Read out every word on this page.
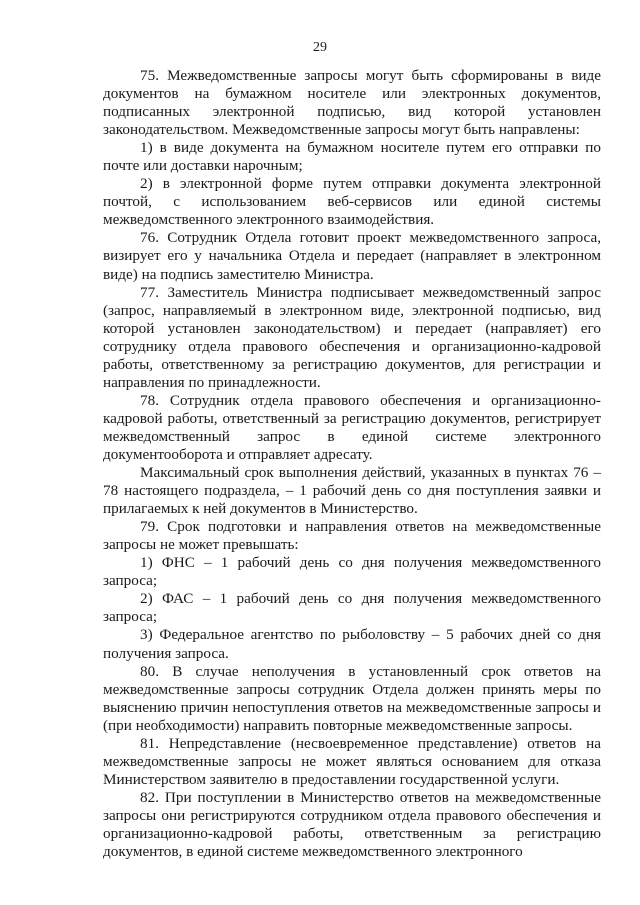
29

75. Межведомственные запросы могут быть сформированы в виде документов на бумажном носителе или электронных документов, подписанных электронной подписью, вид которой установлен законодательством. Межведомственные запросы могут быть направлены:

1) в виде документа на бумажном носителе путем его отправки по почте или доставки нарочным;

2) в электронной форме путем отправки документа электронной почтой, с использованием веб-сервисов или единой системы межведомственного электронного взаимодействия.

76. Сотрудник Отдела готовит проект межведомственного запроса, визирует его у начальника Отдела и передает (направляет в электронном виде) на подпись заместителю Министра.

77. Заместитель Министра подписывает межведомственный запрос (запрос, направляемый в электронном виде, электронной подписью, вид которой установлен законодательством) и передает (направляет) его сотруднику отдела правового обеспечения и организационно-кадровой работы, ответственному за регистрацию документов, для регистрации и направления по принадлежности.

78. Сотрудник отдела правового обеспечения и организационно-кадровой работы, ответственный за регистрацию документов, регистрирует межведомственный запрос в единой системе электронного документооборота и отправляет адресату.

Максимальный срок выполнения действий, указанных в пунктах 76 – 78 настоящего подраздела, – 1 рабочий день со дня поступления заявки и прилагаемых к ней документов в Министерство.

79. Срок подготовки и направления ответов на межведомственные запросы не может превышать:

1) ФНС – 1 рабочий день со дня получения межведомственного запроса;

2) ФАС – 1 рабочий день со дня получения межведомственного запроса;

3) Федеральное агентство по рыболовству – 5 рабочих дней со дня получения запроса.

80. В случае неполучения в установленный срок ответов на межведомственные запросы сотрудник Отдела должен принять меры по выяснению причин непоступления ответов на межведомственные запросы и (при необходимости) направить повторные межведомственные запросы.

81. Непредставление (несвоевременное представление) ответов на межведомственные запросы не может являться основанием для отказа Министерством заявителю в предоставлении государственной услуги.

82. При поступлении в Министерство ответов на межведомственные запросы они регистрируются сотрудником отдела правового обеспечения и организационно-кадровой работы, ответственным за регистрацию документов, в единой системе межведомственного электронного
